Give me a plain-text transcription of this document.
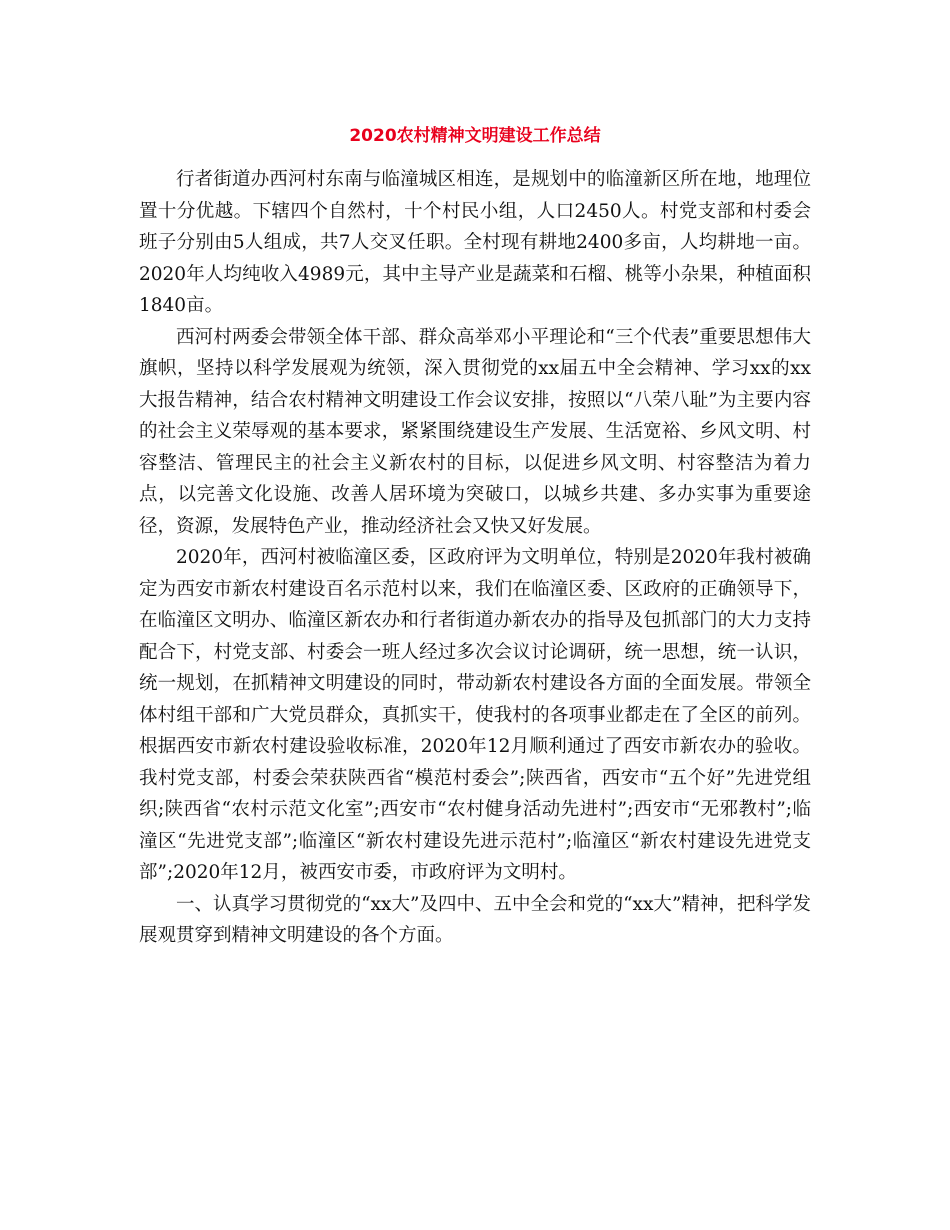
2020农村精神文明建设工作总结

行者街道办西河村东南与临潼城区相连，是规划中的临潼新区所在地，地理位置十分优越。下辖四个自然村，十个村民小组，人口2450人。村党支部和村委会班子分别由5人组成，共7人交叉任职。全村现有耕地2400多亩，人均耕地一亩。2020年人均纯收入4989元，其中主导产业是蔬菜和石榴、桃等小杂果，种植面积1840亩。

西河村两委会带领全体干部、群众高举邓小平理论和“三个代表”重要思想伟大旗帜，坚持以科学发展观为统领，深入贯彻党的xx届五中全会精神、学习xx的xx大报告精神，结合农村精神文明建设工作会议安排，按照以“八荣八耻”为主要内容的社会主义荣辱观的基本要求，紧紧围绕建设生产发展、生活宽裕、乡风文明、村容整洁、管理民主的社会主义新农村的目标，以促进乡风文明、村容整洁为着力点，以完善文化设施、改善人居环境为突破口，以城乡共建、多办实事为重要途径，资源，发展特色产业，推动经济社会又快又好发展。

2020年，西河村被临潼区委，区政府评为文明单位，特别是2020年我村被确定为西安市新农村建设百名示范村以来，我们在临潼区委、区政府的正确领导下，在临潼区文明办、临潼区新农办和行者街道办新农办的指导及包抓部门的大力支持配合下，村党支部、村委会一班人经过多次会议讨论调研，统一思想，统一认识，统一规划，在抓精神文明建设的同时，带动新农村建设各方面的全面发展。带领全体村组干部和广大党员群众，真抓实干，使我村的各项事业都走在了全区的前列。根据西安市新农村建设验收标准，2020年12月顺利通过了西安市新农办的验收。我村党支部，村委会荣获陕西省“模范村委会”;陕西省，西安市“五个好”先进党组织;陕西省“农村示范文化室”;西安市“农村健身活动先进村”;西安市“无邪教村”;临潼区“先进党支部”;临潼区“新农村建设先进示范村”;临潼区“新农村建设先进党支部”;2020年12月，被西安市委，市政府评为文明村。

一、认真学习贯彻党的“xx大”及四中、五中全会和党的“xx大”精神，把科学发展观贯穿到精神文明建设的各个方面。
